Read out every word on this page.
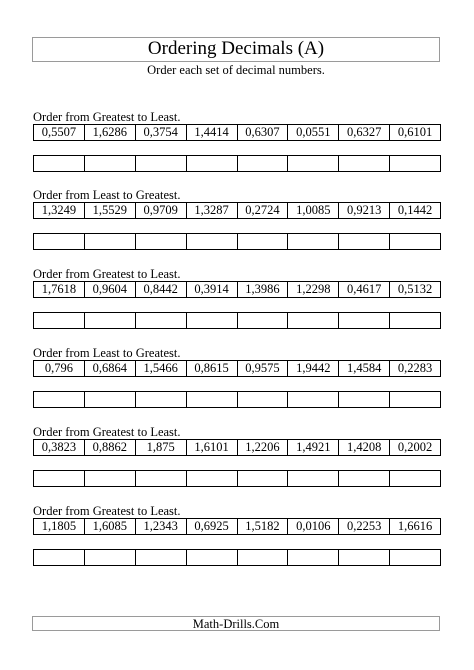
Ordering Decimals (A)
Order each set of decimal numbers.
Order from Greatest to Least.
0,5507	1,6286	0,3754	1,4414	0,6307	0,0551	0,6327	0,6101
Order from Least to Greatest.
1,3249	1,5529	0,9709	1,3287	0,2724	1,0085	0,9213	0,1442
Order from Greatest to Least.
1,7618	0,9604	0,8442	0,3914	1,3986	1,2298	0,4617	0,5132
Order from Least to Greatest.
0,796	0,6864	1,5466	0,8615	0,9575	1,9442	1,4584	0,2283
Order from Greatest to Least.
0,3823	0,8862	1,875	1,6101	1,2206	1,4921	1,4208	0,2002
Order from Greatest to Least.
1,1805	1,6085	1,2343	0,6925	1,5182	0,0106	0,2253	1,6616
Math-Drills.Com
